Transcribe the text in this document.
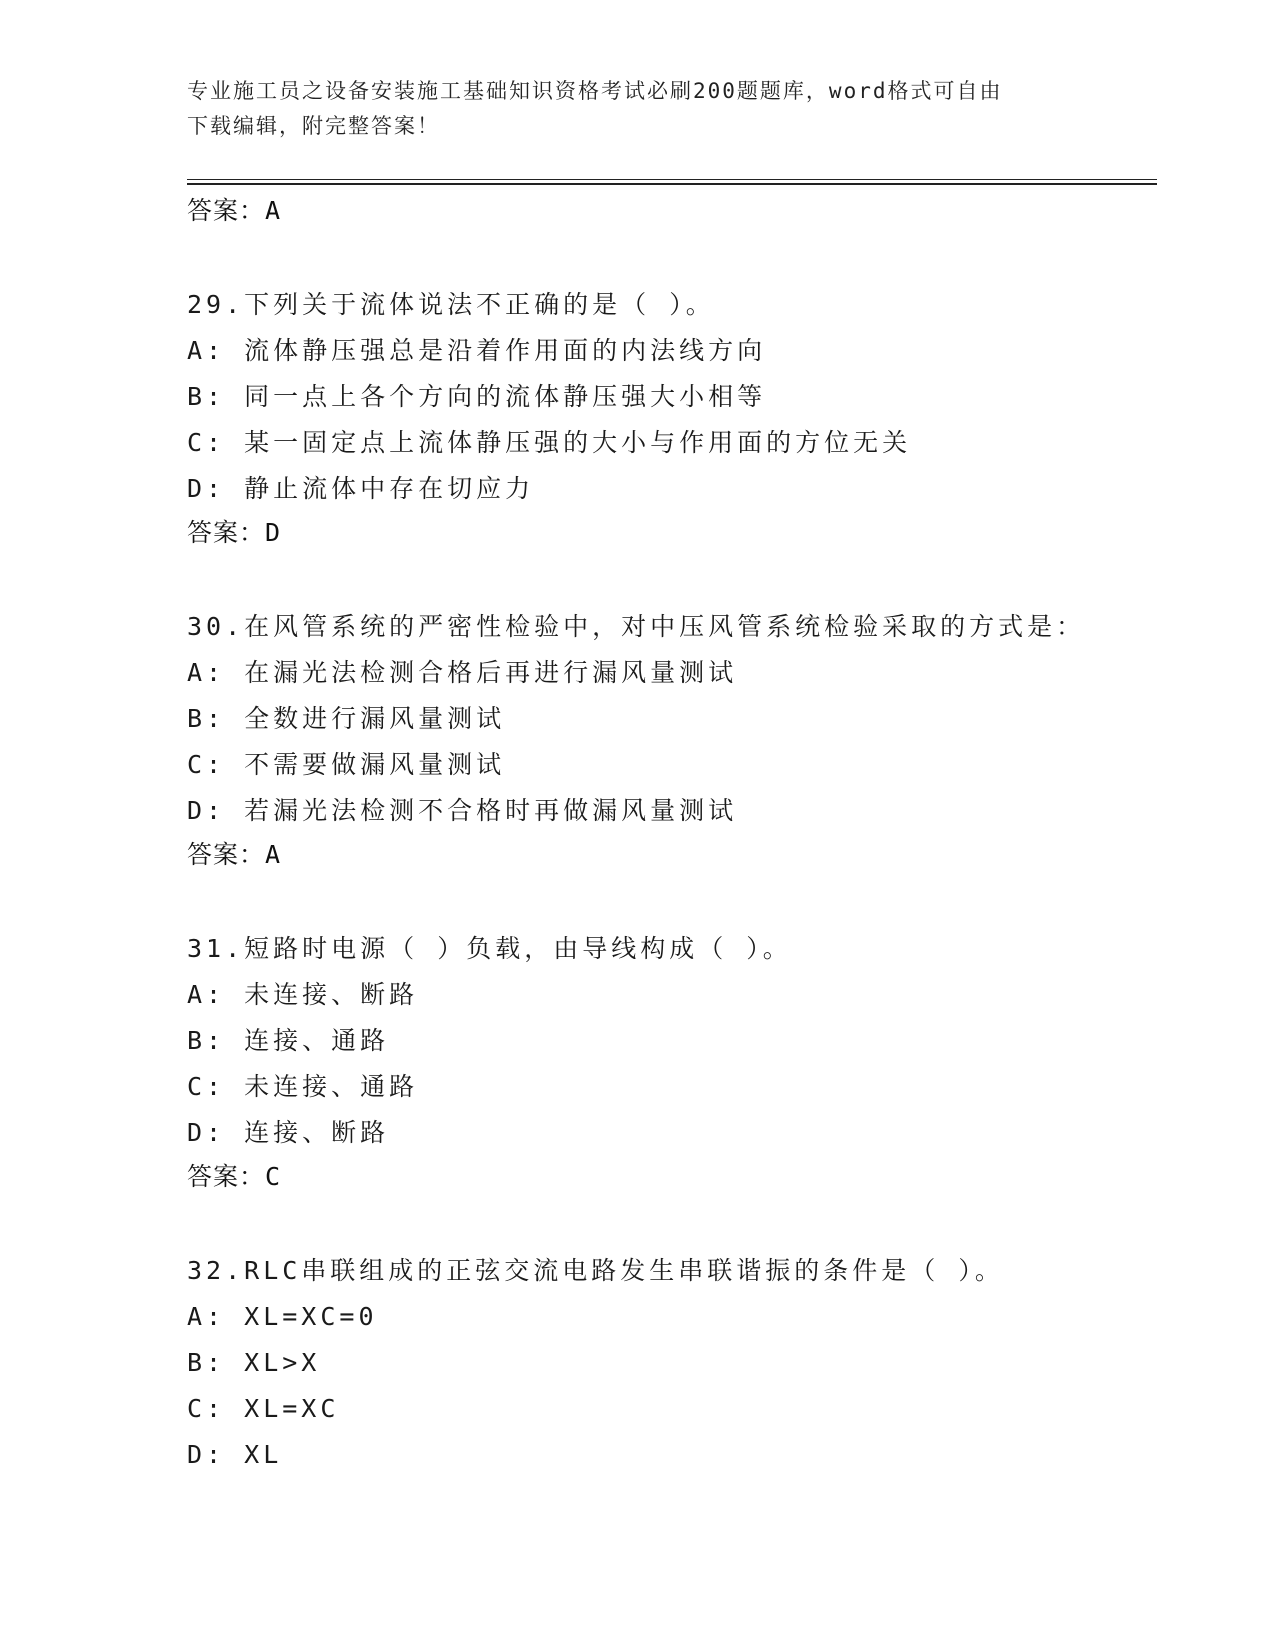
专业施工员之设备安装施工基础知识资格考试必刷200题题库，word格式可自由
下载编辑，附完整答案！
答案：A
29.下列关于流体说法不正确的是（ ）。
A: 流体静压强总是沿着作用面的内法线方向
B: 同一点上各个方向的流体静压强大小相等
C: 某一固定点上流体静压强的大小与作用面的方位无关
D: 静止流体中存在切应力
答案：D
30.在风管系统的严密性检验中，对中压风管系统检验采取的方式是：
A: 在漏光法检测合格后再进行漏风量测试
B: 全数进行漏风量测试
C: 不需要做漏风量测试
D: 若漏光法检测不合格时再做漏风量测试
答案：A
31.短路时电源（ ）负载，由导线构成（ ）。
A: 未连接、断路
B: 连接、通路
C: 未连接、通路
D: 连接、断路
答案：C
32.RLC串联组成的正弦交流电路发生串联谐振的条件是（ ）。
A: XL=XC=0
B: XL>X
C: XL=XC
D: XL
